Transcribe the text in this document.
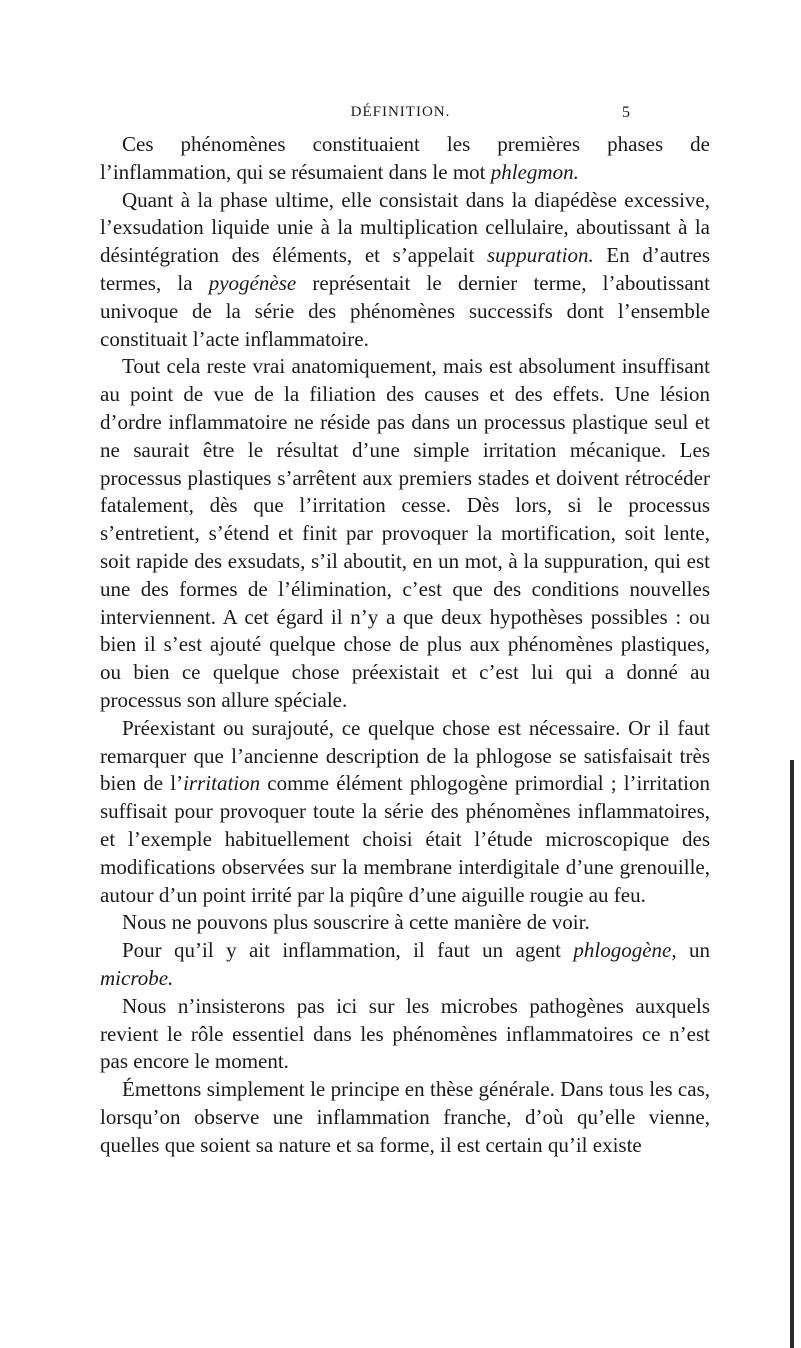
DÉFINITION.	5

Ces phénomènes constituaient les premières phases de l’inflammation, qui se résumaient dans le mot phlegmon.

Quant à la phase ultime, elle consistait dans la diapédèse excessive, l’exsudation liquide unie à la multiplication cellulaire, aboutissant à la désintégration des éléments, et s’appelait suppuration. En d’autres termes, la pyogénèse représentait le dernier terme, l’aboutissant univoque de la série des phénomènes successifs dont l’ensemble constituait l’acte inflammatoire.

Tout cela reste vrai anatomiquement, mais est absolument insuffisant au point de vue de la filiation des causes et des effets. Une lésion d’ordre inflammatoire ne réside pas dans un processus plastique seul et ne saurait être le résultat d’une simple irritation mécanique. Les processus plastiques s’arrêtent aux premiers stades et doivent rétrocéder fatalement, dès que l’irritation cesse. Dès lors, si le processus s’entretient, s’étend et finit par provoquer la mortification, soit lente, soit rapide des exsudats, s’il aboutit, en un mot, à la suppuration, qui est une des formes de l’élimination, c’est que des conditions nouvelles interviennent. A cet égard il n’y a que deux hypothèses possibles : ou bien il s’est ajouté quelque chose de plus aux phénomènes plastiques, ou bien ce quelque chose préexistait et c’est lui qui a donné au processus son allure spéciale.

Préexistant ou surajouté, ce quelque chose est nécessaire. Or il faut remarquer que l’ancienne description de la phlogose se satisfaisait très bien de l’irritation comme élément phlogogène primordial ; l’irritation suffisait pour provoquer toute la série des phénomènes inflammatoires, et l’exemple habituellement choisi était l’étude microscopique des modifications observées sur la membrane interdigitale d’une grenouille, autour d’un point irrité par la piqûre d’une aiguille rougie au feu.

Nous ne pouvons plus souscrire à cette manière de voir.

Pour qu’il y ait inflammation, il faut un agent phlogogène, un microbe.

Nous n’insisterons pas ici sur les microbes pathogènes auxquels revient le rôle essentiel dans les phénomènes inflammatoires ce n’est pas encore le moment.

Émettons simplement le principe en thèse générale. Dans tous les cas, lorsqu’on observe une inflammation franche, d’où qu’elle vienne, quelles que soient sa nature et sa forme, il est certain qu’il existe
